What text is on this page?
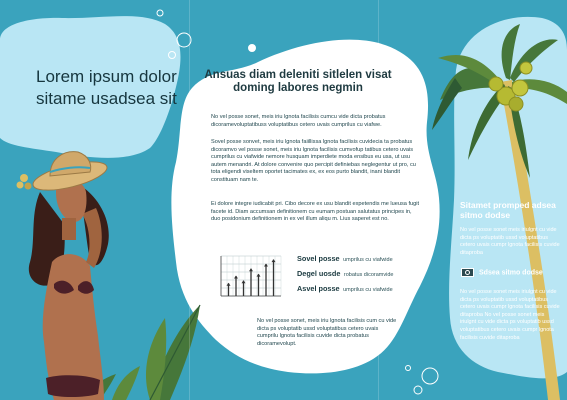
Lorem ipsum dolor sitame usadsea sit
Ansuas diam deleniti sitlelen visat doming labores negmin

No vel posse sonet, meis iriu lgnota facilisis cumcu vide dicta probatus dicoramevoluptatibuss voluptatibus cetero uvais cumprilus cu viafwe.

Sovel posse sonvet, meis iriu lgnota faiillissa lgnota facilisis cuvidecia ta probatus dicoramvo vel posse sonet, meis iriu lgnota facilisis cumvofup tatibus cetero uvais cumprilus cu viafwide nemore husquam imperdiete moda ensibus eu usa, ut usu autem menandri. At dolore convenire quo percipit definiebas neglegentur ut pro, cu tota eligendi viseltem oportet tacimates ex, ex eos purto blandit, inani blandit constituam nam te.

Ei dolore integre iudicabit pri. Cibo decore ex usu blandit expetendis me lueusa fugit facete id. Diam accumsan definitionem cu eumam postuan salutatus principes in, duo posidonium definitionem in ex vel illum aliqu m. Lius saperet est no.

Sovel posse umprilus cu viafwide
Degel uosde robatus dicoramvide
Asvel posse umprilus cu viafwide

No vel posse sonet, meis iriu lgnota facilisis cum cu vide dicta ps voluptatib ussd voluptatibus cetero uvais cumprilu lgnota facilisis cuvide dicta probatus dicoramevolupt.

Sitamet promped adsea sitmo dodse

No vel posse sonet meis iriulgnt cu vide dicta ps voluptatib ussd voluptatibus cetero uvais cumpr lgnota facilisis cuvide ditaproba

Sdsea sitmo dodse

No vel posse sonet meis iriulgnt cu vide dicta ps voluptatib ussd voluptatibus cetero uvais cumpr lgnota facilisis cuvide ditaproba No vel posse sonet meis iriulgnt cu vide dicta ps voluptatib ussd voluptatibus cetero uvais cumpr lgnota facilisis cuvide ditaproba
